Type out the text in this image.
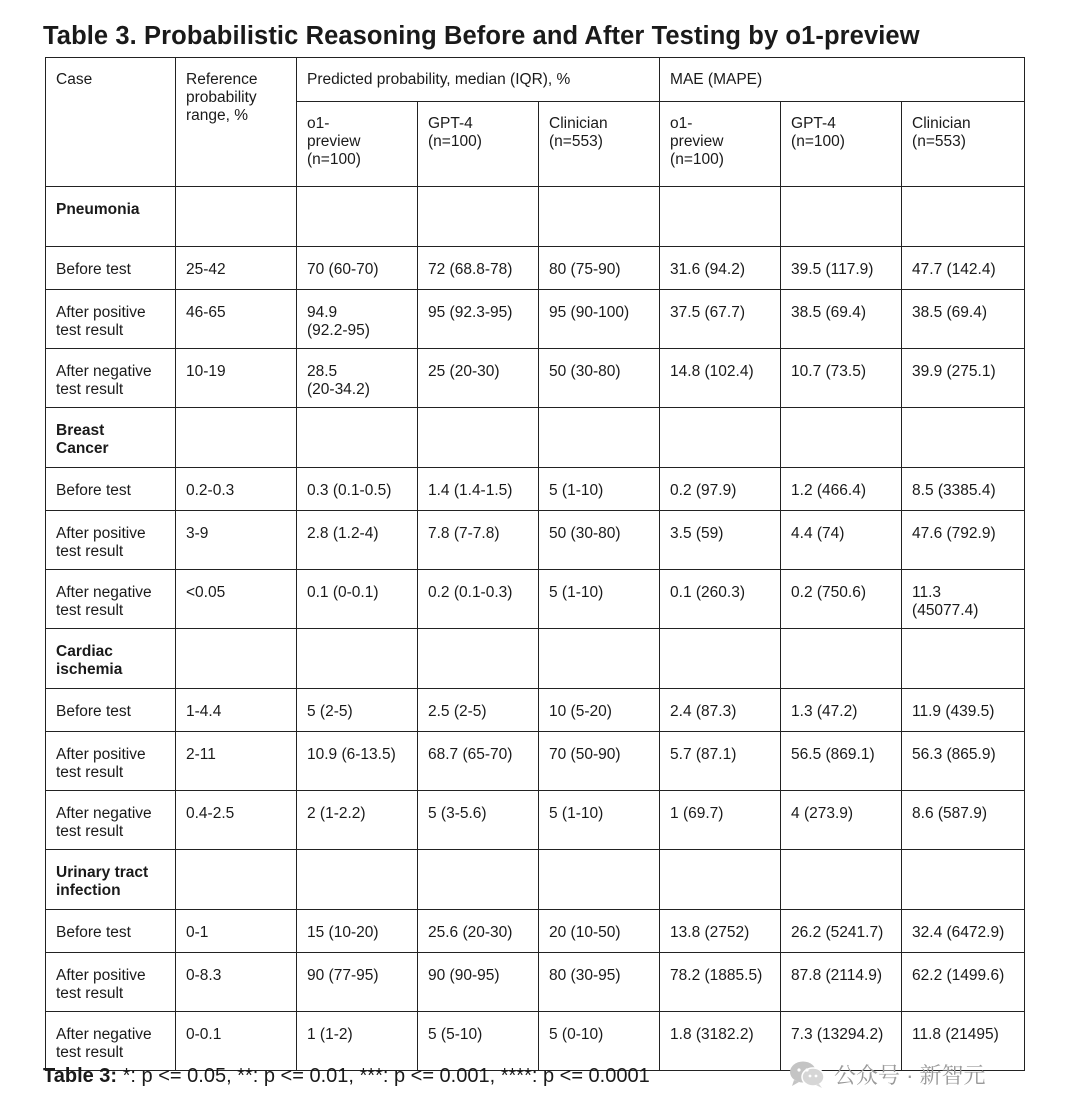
Table 3. Probabilistic Reasoning Before and After Testing by o1-preview
Case	Reference probability range, %	Predicted probability, median (IQR), %			MAE (MAPE)		
		o1-
preview
(n=100)	GPT-4
(n=100)	Clinician
(n=553)	o1-
preview
(n=100)	GPT-4
(n=100)	Clinician
(n=553)
Pneumonia							
Before test	25-42	70 (60-70)	72 (68.8-78)	80 (75-90)	31.6 (94.2)	39.5 (117.9)	47.7 (142.4)
After positive
test result	46-65	94.9
(92.2-95)	95 (92.3-95)	95 (90-100)	37.5 (67.7)	38.5 (69.4)	38.5 (69.4)
After negative
test result	10-19	28.5
(20-34.2)	25 (20-30)	50 (30-80)	14.8 (102.4)	10.7 (73.5)	39.9 (275.1)
Breast
Cancer							
Before test	0.2-0.3	0.3 (0.1-0.5)	1.4 (1.4-1.5)	5 (1-10)	0.2 (97.9)	1.2 (466.4)	8.5 (3385.4)
After positive
test result	3-9	2.8 (1.2-4)	7.8 (7-7.8)	50 (30-80)	3.5 (59)	4.4 (74)	47.6 (792.9)
After negative
test result	<0.05	0.1 (0-0.1)	0.2 (0.1-0.3)	5 (1-10)	0.1 (260.3)	0.2 (750.6)	11.3
(45077.4)
Cardiac
ischemia							
Before test	1-4.4	5 (2-5)	2.5 (2-5)	10 (5-20)	2.4 (87.3)	1.3 (47.2)	11.9 (439.5)
After positive
test result	2-11	10.9 (6-13.5)	68.7 (65-70)	70 (50-90)	5.7 (87.1)	56.5 (869.1)	56.3 (865.9)
After negative
test result	0.4-2.5	2 (1-2.2)	5 (3-5.6)	5 (1-10)	1 (69.7)	4 (273.9)	8.6 (587.9)
Urinary tract
infection							
Before test	0-1	15 (10-20)	25.6 (20-30)	20 (10-50)	13.8 (2752)	26.2 (5241.7)	32.4 (6472.9)
After positive
test result	0-8.3	90 (77-95)	90 (90-95)	80 (30-95)	78.2 (1885.5)	87.8 (2114.9)	62.2 (1499.6)
After negative
test result	0-0.1	1 (1-2)	5 (5-10)	5 (0-10)	1.8 (3182.2)	7.3 (13294.2)	11.8 (21495)
Table 3: *: p <= 0.05, **: p <= 0.01, ***: p <= 0.001, ****: p <= 0.0001	公众号 · 新智元
